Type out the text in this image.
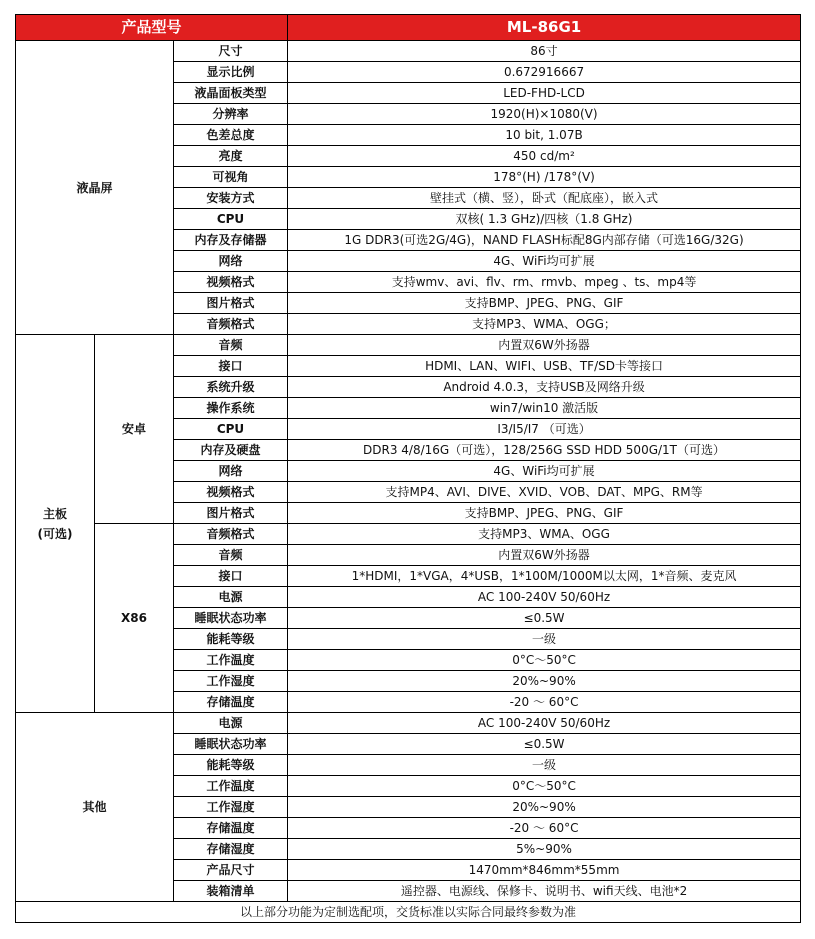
产品型号			ML-86G1
液晶屏		尺寸	86寸
		显示比例	0.672916667
		液晶面板类型	LED-FHD-LCD
		分辨率	1920(H)×1080(V)
		色差总度	10 bit, 1.07B
		亮度	450 cd/m²
		可视角	178°(H) /178°(V)
		安装方式	壁挂式（横、竖），卧式（配底座），嵌入式
		CPU	双核( 1.3 GHz)/四核（1.8 GHz)
		内存及存储器	1G DDR3(可选2G/4G)，NAND FLASH标配8G内部存储（可选16G/32G)
		网络	4G、WiFi均可扩展
		视频格式	支持wmv、avi、flv、rm、rmvb、mpeg 、ts、mp4等
		图片格式	支持BMP、JPEG、PNG、GIF
		音频格式	支持MP3、WMA、OGG；

主板
(可选)	安卓	音频	内置双6W外扬器
		接口	HDMI、LAN、WIFI、USB、TF/SD卡等接口
		系统升级	Android 4.0.3，支持USB及网络升级
		操作系统	win7/win10 激活版
		CPU	I3/I5/I7 （可选）
		内存及硬盘	DDR3 4/8/16G（可选），128/256G SSD HDD 500G/1T（可选）
		网络	4G、WiFi均可扩展
		视频格式	支持MP4、AVI、DIVE、XVID、VOB、DAT、MPG、RM等
		图片格式	支持BMP、JPEG、PNG、GIF
	X86	音频格式	支持MP3、WMA、OGG
		音频	内置双6W外扬器
		接口	1*HDMI，1*VGA，4*USB，1*100M/1000M以太网，1*音频、麦克风
		电源	AC 100-240V 50/60Hz
		睡眠状态功率	≤0.5W
		能耗等级	一级
		工作温度	0°C～50°C
		工作湿度	20%~90%
		存储温度	-20 ～ 60°C
其他		电源	AC 100-240V 50/60Hz
		睡眠状态功率	≤0.5W
		能耗等级	一级
		工作温度	0°C～50°C
		工作湿度	20%~90%
		存储温度	-20 ～ 60°C
		存储湿度	5%~90%
		产品尺寸	1470mm*846mm*55mm
		装箱清单	遥控器、电源线、保修卡、说明书、wifi天线、电池*2
以上部分功能为定制选配项，交货标准以实际合同最终参数为准			
